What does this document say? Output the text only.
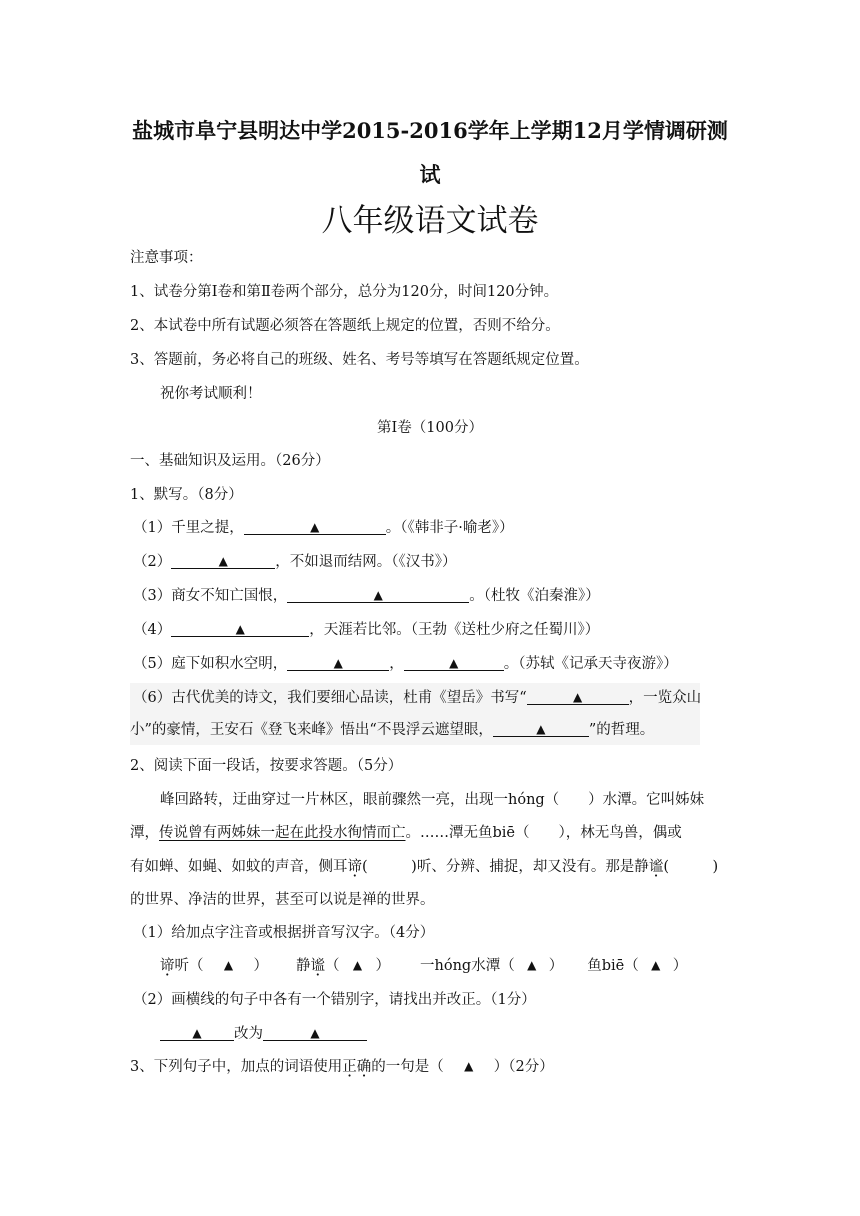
盐城市阜宁县明达中学2015-2016学年上学期12月学情调研测
试
八年级语文试卷
注意事项：
1、试卷分第Ⅰ卷和第Ⅱ卷两个部分，总分为120分，时间120分钟。
2、本试卷中所有试题必须答在答题纸上规定的位置，否则不给分。
3、答题前，务必将自己的班级、姓名、考号等填写在答题纸规定位置。
祝你考试顺利！
第Ⅰ卷（100分）
一、基础知识及运用。（26分）
1、默写。（8分）
（1）千里之提，	▲	。（《韩非子·喻老》）
（2）	▲	，不如退而结网。（《汉书》）
（3）商女不知亡国恨，	▲	。（杜牧《泊秦淮》）
（4）	▲	，天涯若比邻。（王勃《送杜少府之任蜀川》）
（5）庭下如积水空明，	▲	，	▲	。（苏轼《记承天寺夜游》）
（6）古代优美的诗文，我们要细心品读，杜甫《望岳》书写“	▲	，一览众山
小”的豪情，王安石《登飞来峰》悟出“不畏浮云遮望眼，	▲	”的哲理。
2、阅读下面一段话，按要求答题。（5分）
峰回路转，迂曲穿过一片林区，眼前骤然一亮，出现一hóng（　　）水潭。它叫姊妹
潭，传说曾有两姊妹一起在此投水徇情而亡。……潭无鱼biē（　　），林无鸟兽，偶或
有如蝉、如蝇、如蚊的声音，侧耳谛(　　　)听、分辨、捕捉，却又没有。那是静谧(　　　)
的世界、净洁的世界，甚至可以说是禅的世界。
（1）给加点字注音或根据拼音写汉字。（4分）
谛听（ ▲ ） 静谧（ ▲ ） 一hóng水潭（ ▲ ） 鱼biē（ ▲ ）
（2）画横线的句子中各有一个错别字，请找出并改正。（1分）
▲ 改为	▲
3、下列句子中，加点的词语使用正确的一句是（ ▲ ）（2分）
